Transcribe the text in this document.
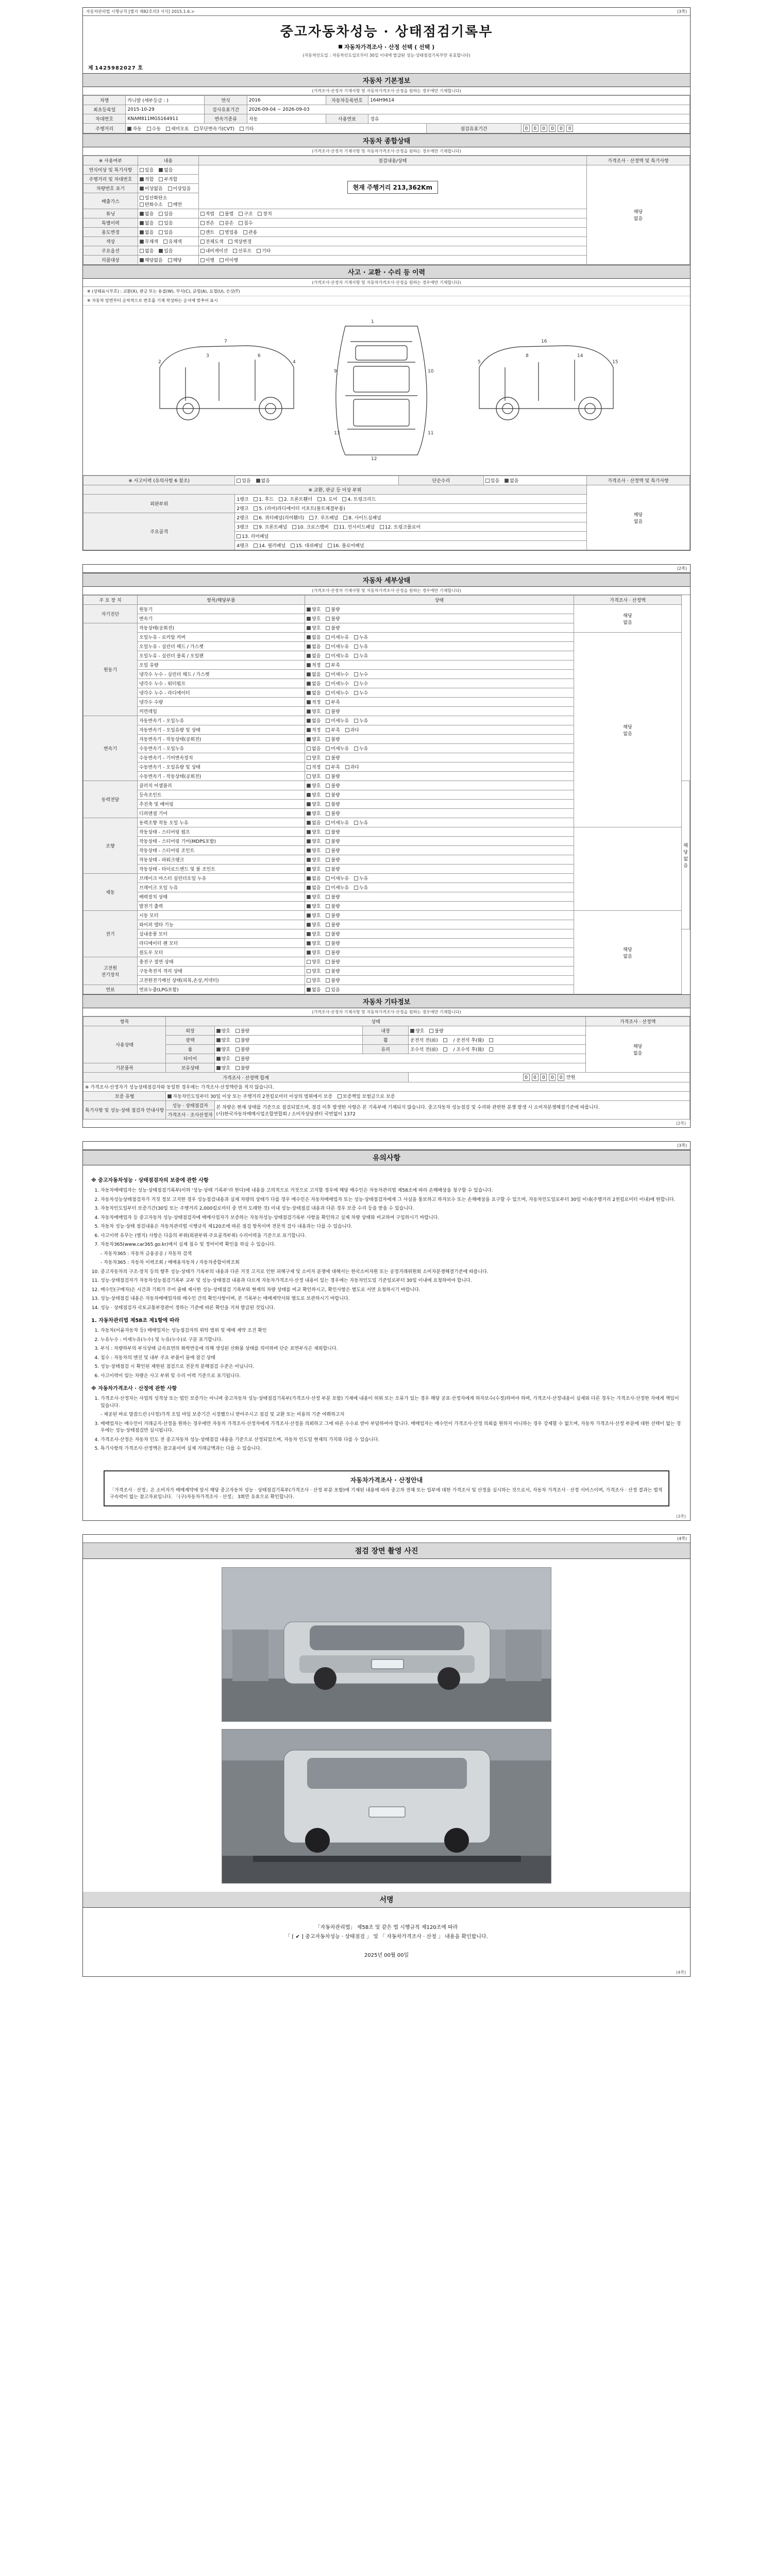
자동차관리법 시행규칙 [별지 제82호의3 서식] 2015.1.6.>	(3쪽)
중고자동차성능 · 상태점검기록부
자동차가격조사 · 산정 선택 ( 선택 )
(자동차인도일 : 자동차인도일로부터 30일 이내에 발급된 성능·상태점검기록부만 유효합니다)
제 1425982027 호
자동차 기본정보
(가격조사·산정자 기재사항 및 자동차가격조사·산정을 원하는 경우에만 기재합니다)
차명	카니발 (세부등급 : )	연식	2016	자동차등록번호	164H9614		
최초등록일	2015-10-29	검사유효기간	2026-09-04 ~ 2026-09-03				
차대번호	KNAM81​1​MGS164911	변속기종류	자동	사용연료	경유		
주행거리	자동 수동 세미오토 무단변속기(CVT) 기타					점검유효기간	0 0 0 0 0 0
자동차 종합상태
(가격조사·산정자 기재사항 및 자동차가격조사·산정을 원하는 경우에만 기재합니다)
※ 사용여부	내용	점검내용/상태	가격조사 · 산정액 및 특기사항
연식미상 및 특기사항	있음 없음	현재 주행거리 213,362Km	해당
없음

주행거리 및 차대번호	적합 부적합		
차량번호 표기	이상없음 이상있음		
배출가스	일산화탄소 탄화수소 매연		
튜닝	없음 있음	적법 불법 구조 장치	
특별이력	없음 있음	전손 분손 침수	
용도변경	없음 있음	렌트 영업용 관용	
색상	무채색 유채색	전체도색 색상변경	
주요옵션	없음 있음	내비게이션 선루프 기타	
리콜대상	해당없음 해당	이행 미이행	
사고 · 교환 · 수리 등 이력
(가격조사·산정자 기재사항 및 자동차가격조사·산정을 원하는 경우에만 기재합니다)
※ (상태표시부호) : 교환(X), 판금 또는 용접(W), 부식(C), 긁힘(A), 요철(U), 손상(T)
※ 자동차 앞면부터 순차적으로 번호를 기재 작성하는 순서에 맞추어 표시
2
3	6
4
7
1
12
9	10
13	11
5
8	14
15
16
※ 사고이력 (유의사항 6 참조)	있음 없음	단순수리	있음 없음	가격조사 · 산정액 및 특기사항
※ 교환, 판금 등 이상 부위				해당
없음
외판부위	1랭크 1. 후드 2. 프론트휀더 3. 도어 4. 트렁크리드			
	2랭크 5. (리어)라디에이터 서포트(볼트체결부품)			
주요골격	2랭크 6. 쿼터패널(리어휀더) 7. 루프패널 8. 사이드실패널			
	3랭크 9. 프론트패널 10. 크로스멤버 11. 인사이드패널 12. 트렁크플로어			
	13. 리어패널			
	4랭크 14. 필러패널 15. 대쉬패널 16. 플로어패널			
(2쪽)
자동차 세부상태
(가격조사·산정자 기재사항 및 자동차가격조사·산정을 원하는 경우에만 기재합니다)
주 요 장 치	항목/해당부품	상태	가격조사 · 산정액	
자기진단	원동기	양호 불량	해당
없음	
	변속기	양호 불량		
원동기	작동상태(공회전)	양호 불량		
	오일누유 - 로커암 커버	없음 미세누유 누유	해당
없음	
	오일누유 - 실린더 헤드 / 가스켓	없음 미세누유 누유		
	오일누유 - 실린더 블록 / 오일팬	없음 미세누유 누유		
	오일 유량	적정 부족		
	냉각수 누수 - 실린더 헤드 / 가스켓	없음 미세누수 누수		
	냉각수 누수 - 워터펌프	없음 미세누수 누수		
	냉각수 누수 - 라디에이터	없음 미세누수 누수		
	냉각수 수량	적정 부족		
	커먼레일	양호 불량		
변속기	자동변속기 - 오일누유	없음 미세누유 누유		
	자동변속기 - 오일유량 및 상태	적정 부족 과다		
	자동변속기 - 작동상태(공회전)	양호 불량		
	수동변속기 - 오일누유	없음 미세누유 누유		
	수동변속기 - 기어변속장치	양호 불량		
	수동변속기 - 오일유량 및 상태	적정 부족 과다		
	수동변속기 - 작동상태(공회전)	양호 불량		
동력전달	클러치 어셈블리	양호 불량		해당
없음
	등속조인트	양호 불량		
	추진축 및 베어링	양호 불량		
	디퍼렌셜 기어	양호 불량		
조향	동력조향 작동 오일 누유	없음 미세누유 누유		
	작동상태 - 스티어링 펌프	양호 불량		
	작동상태 - 스티어링 기어(MDPS포함)	양호 불량		
	작동상태 - 스티어링 조인트	양호 불량		
	작동상태 - 파워크랭크	양호 불량		
	작동상태 - 타이로드엔드 및 볼 조인트	양호 불량		
제동	브레이크 마스터 실린더오일 누유	없음 미세누유 누유		
	브레이크 오일 누유	없음 미세누유 누유		
	배력장치 상태	양호 불량		
	발전기 출력	양호 불량		
전기	시동 모터	양호 불량	해당
없음	
	와이퍼 델타 기능	양호 불량		
	실내송풍 모터	양호 불량		
	라디에이터 팬 모터	양호 불량		
	윈도우 모터	양호 불량		
고전원
전기장치	충전구 절연 상태	양호 불량		
	구동축전지 격리 상태	양호 불량		
	고전원전기배선 상태(피복,손상,커넥터)	양호 불량		
연료	연료누출(LPG포함)	없음 있음		
자동차 기타정보
(가격조사·산정자 기재사항 및 자동차가격조사·산정을 원하는 경우에만 기재합니다)
항목	상태				가격조사 · 산정액
사용상태	외장	양호 불량	내장	양호 불량	해당
없음
	광택	양호 불량	휠	운전석 전(前) / 운전석 후(後)	
	룸	양호 불량	유리	조수석 전(前) / 조수석 후(後)	
	타이어	양호 불량			
기본품목	보유상태	양호 불량			
가격조사 · 산정액 합계				0 0 0 0 0 만원	
※ 가격조사·산정자가 성능상태점검자와 동일한 경우에는 가격조사·산정액란을 적지 않습니다.					
보증 유형	자동차인도일부터 30일 이상 또는 주행거리 2천킬로미터 이상의 범위에서 보증 보증책임 보험금으로 보증				
특기사항 및 성능·상태 점검자 안내사항	성능 · 상태점검자	본 차량은 현재 상태를 기준으로 점검되었으며, 점검 이후 발생한 사항은 본 기록부에 기재되지 않습니다. 중고자동차 성능점검 및 수리와 관련한 분쟁 발생 시 소비자분쟁해결기준에 따릅니다.
(사)한국자동차매매사업조합연합회 / 소비자상담센터 국번없이 1372			

	가격조사 · 조사산정자				
(2쪽)
(3쪽)
유의사항
※ 중고자동차성능 · 상태점검자의 보증에 관한 사항
1. 자동차매매업자는 성능·상태점검기록부(이하 '성능·상태 기록부'라 한다)에 내용을 고의적으로 거짓으로 고지할 경우에 해당 매수인은 자동차관리법 제58조에 따라 손해배상을 청구할 수 있습니다.
2. 자동차성능상태점검자가 거짓 정보 고지한 경우 성능점검내용과 실제 차량의 상태가 다를 경우 매수인은 자동차매매업자 또는 성능·상태점검자에게 그 사실을 통보하고 하자보수 또는 손해배상을 요구할 수 있으며, 자동차인도일로부터 30일 이내(주행거리 2천킬로미터 이내)에 한합니다.
3. 자동차인도일부터 보증기간(30일 또는 주행거리 2,000킬로미터 중 먼저 도래한 것) 이내 성능·상태점검 내용과 다른 경우 보증 수리 등을 받을 수 있습니다.
4. 자동차매매업자 등 중고자동차 성능·상태점검자에 매매사업자가 보증하는 자동차성능·상태점검기록부 사항을 확인하고 실제 차량 상태와 비교하여 구입하시기 바랍니다.
5. 자동차 성능·상태 점검내용은 자동차관리법 시행규칙 제120조에 따른 점검 항목이며 전문적 검사 내용과는 다를 수 있습니다.
6. 사고이력 유무는 (별지) 사항은 다음의 부위(외판부위·주요골격부위) 수리이력을 기준으로 표기합니다.
7. 자동차365(www.car365.go.kr)에서 실제 침수 및 정비이력 확인을 하실 수 있습니다.
- 자동차365 : 자동차 금융공공 / 자동차 검색
- 자동차365 : 자동차 이력조회 / 매매용자동차 / 자동차종합이력조회
10. 중고자동차의 구조·장치 등의 향후 성능·상태가 기록부의 내용과 다른 거짓 고지로 인한 피해구제 및 소비자 분쟁에 대해서는 한국소비자원 또는 공정거래위원회 소비자분쟁해결기준에 따릅니다.
11. 성능·상태점검자가 자동차성능점검기록부 교부 및 성능·상태점검 내용과 다르게 자동차가격조사·산정 내용이 있는 경우에는 자동차인도일 기준일로부터 30일 이내에 요청하여야 합니다.
12. 매수인(구매자)은 시간과 기회가 주어 줄때 제시한 성능·상태점검 기록부와 현재의 차량 상태를 비교 확인하시고, 확인사항은 별도로 서면 요청하시기 바랍니다.
13. 성능·상태점검 내용은 자동차매매업자와 매수인 간의 확인사항이며, 본 기록부는 매매계약서와 별도로 보관하시기 바랍니다.
14. 성능 · 상태점검자 국토교통부장관이 정하는 기준에 따른 확인을 거쳐 발급된 것입니다.
1. 자동차관리법 제58조 제1항에 따라
1. 자동차(이륜자동차 등) 매매업자는 성능점검자의 위탁 범위 및 매매 계약 조건 확인
2. 누유누수 : 미세누유(누수) 및 누유(누수)로 구분 표기합니다.
3. 부식 : 차량하부의 부식상태 금속표면의 화학반응에 의해 생성된 산화물 상태를 의미하며 단순 표면부식은 제외합니다.
4. 침수 : 자동차의 엔진 및 내부 주요 부품이 물에 잠긴 상태
5. 성능·상태점검 시 확인된 제한된 점검으로 전문적 분해점검 수준은 아닙니다.
6. 사고이력이 있는 차량은 사고 부위 및 수리 이력 기준으로 표기됩니다.
※ 자동차가격조사 · 산정에 관한 사항
1. 가격조사·산정자는 사업의 성격상 또는 법인 보증가는 아니며 중고자동차 성능·상태점검기록부(가격조사·산정 부분 포함) 기재에 내용이 허위 또는 오류가 있는 경우 해당 공표·산정자에게 하자보수(수정)하여야 하며, 가격조사·산정내용이 실제와 다른 경우는 가격조사·산정한 자에게 책임이 있습니다.
- 제공된 바로 말씀드린 (사정)가격 오일 마일 보증기간 시정했으니 받아주시고 점검 및 교환 또는 비용의 기준 여쭤하고자
3. 매매업자는 매수인이 거래금지·산정을 원하는 경우에만 자동차 가격조사·산정자에게 가격조사·산정을 의뢰하고 그에 따른 수수료 받아 부담하여야 합니다. 매매업자는 매수인이 가격조사·산정 의뢰를 원하지 아니하는 경우 강제할 수 없으며, 자동차 가격조사·산정 부분에 대한 선택이 없는 경우에는 성능·상태점검만 실시됩니다.
4. 가격조사·산정은 자동차 인도 전 중고자동차 성능·상태점검 내용을 기준으로 산정되었으며, 자동차 인도일 현재의 가치와 다를 수 있습니다.
5. 특기사항의 가격조사·산정액은 참고용이며 실제 거래금액과는 다를 수 있습니다.
자동차가격조사 · 산정안내
「가격조사 · 산정」은 소비자가 매매계약에 앞서 해당 중고자동차 성능 · 상태점검기록부(가격조사 · 산정 부분 포함)에 기재된 내용에 따라 중고차 전체 또는 일부에 대한 가격조사 및 산정을 실시하는 것으로서, 자동차 가격조사 · 산정 서비스이며, 가격조사 · 산정 결과는 법적 구속력이 없는 참고자료입니다. 「(구)자동차가격조사 · 산정」 3회만 유효으로 확인합니다.
(3쪽)
(4쪽)
점검 장면 촬영 사진
서명
「자동차관리법」 제58조 및 같은 법 시행규칙 제120조에 따라
「 [ ✔ ] 중고자동차성능 · 상태점검 」 및 「 자동차가격조사 · 산정 」 내용을 확인합니다.
2025년 00월 00일
(4쪽)
